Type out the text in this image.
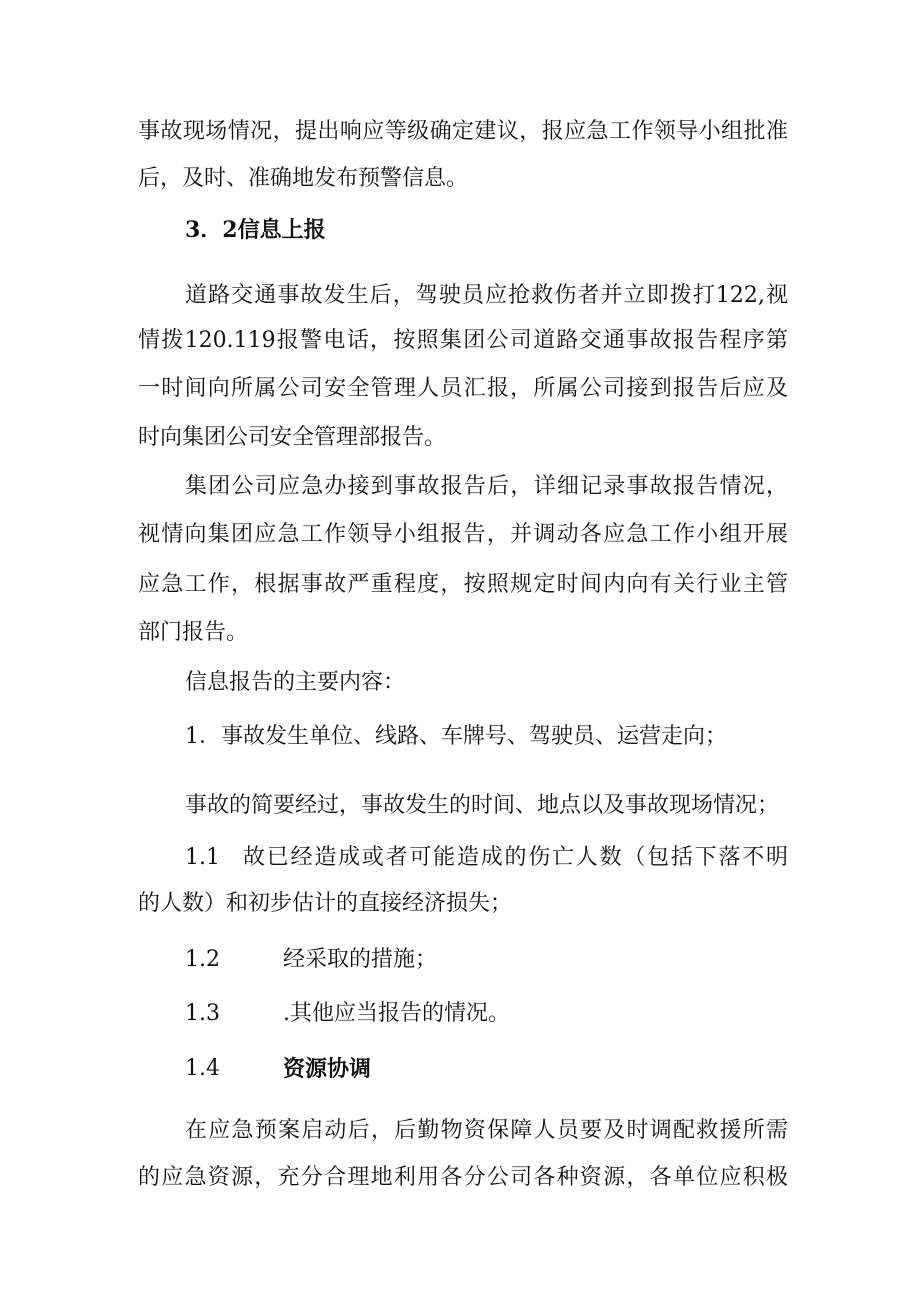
事故现场情况，提出响应等级确定建议，报应急工作领导小组批准
后，及时、准确地发布预警信息。
3．2信息上报
道路交通事故发生后，驾驶员应抢救伤者并立即拨打122,视
情拨120.119报警电话，按照集团公司道路交通事故报告程序第
一时间向所属公司安全管理人员汇报，所属公司接到报告后应及
时向集团公司安全管理部报告。
集团公司应急办接到事故报告后，详细记录事故报告情况，
视情向集团应急工作领导小组报告，并调动各应急工作小组开展
应急工作，根据事故严重程度，按照规定时间内向有关行业主管
部门报告。
信息报告的主要内容：
1．事故发生单位、线路、车牌号、驾驶员、运营走向；
事故的简要经过，事故发生的时间、地点以及事故现场情况；
1.1 故已经造成或者可能造成的伤亡人数（包括下落不明
的人数）和初步估计的直接经济损失；
1.2	经采取的措施；
1.3	.其他应当报告的情况。
1.4	资源协调
在应急预案启动后，后勤物资保障人员要及时调配救援所需
的应急资源，充分合理地利用各分公司各种资源，各单位应积极
